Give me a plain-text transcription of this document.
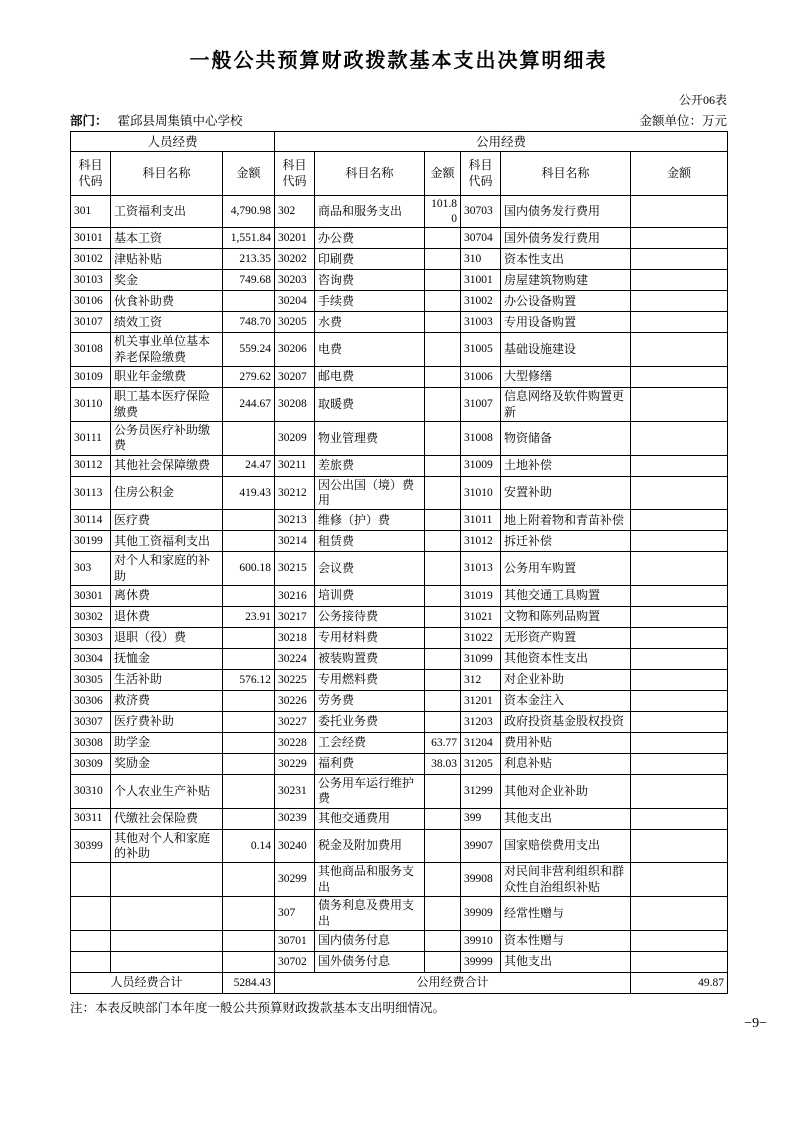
一般公共预算财政拨款基本支出决算明细表
公开06表
部门： 霍邱县周集镇中心学校	金额单位：万元
人员经费			公用经费					
科目代码	科目名称	金额	科目代码	科目名称	金额	科目代码	科目名称	金额
301	工资福利支出	4,790.98	302	商品和服务支出	101.80	30703	国内债务发行费用	
30101	基本工资	1,551.84	30201	办公费		30704	国外债务发行费用	
30102	津贴补贴	213.35	30202	印刷费		310	资本性支出	
30103	奖金	749.68	30203	咨询费		31001	房屋建筑物购建	
30106	伙食补助费		30204	手续费		31002	办公设备购置	
30107	绩效工资	748.70	30205	水费		31003	专用设备购置	
30108	机关事业单位基本养老保险缴费	559.24	30206	电费		31005	基础设施建设	
30109	职业年金缴费	279.62	30207	邮电费		31006	大型修缮	
30110	职工基本医疗保险缴费	244.67	30208	取暖费		31007	信息网络及软件购置更新	
30111	公务员医疗补助缴费		30209	物业管理费		31008	物资储备	
30112	其他社会保障缴费	24.47	30211	差旅费		31009	土地补偿	
30113	住房公积金	419.43	30212	因公出国（境）费用		31010	安置补助	
30114	医疗费		30213	维修（护）费		31011	地上附着物和青苗补偿	
30199	其他工资福利支出		30214	租赁费		31012	拆迁补偿	
303	对个人和家庭的补助	600.18	30215	会议费		31013	公务用车购置	
30301	离休费		30216	培训费		31019	其他交通工具购置	
30302	退休费	23.91	30217	公务接待费		31021	文物和陈列品购置	
30303	退职（役）费		30218	专用材料费		31022	无形资产购置	
30304	抚恤金		30224	被装购置费		31099	其他资本性支出	
30305	生活补助	576.12	30225	专用燃料费		312	对企业补助	
30306	救济费		30226	劳务费		31201	资本金注入	
30307	医疗费补助		30227	委托业务费		31203	政府投资基金股权投资	
30308	助学金		30228	工会经费	63.77	31204	费用补贴	
30309	奖励金		30229	福利费	38.03	31205	利息补贴	
30310	个人农业生产补贴		30231	公务用车运行维护费		31299	其他对企业补助	
30311	代缴社会保险费		30239	其他交通费用		399	其他支出	
30399	其他对个人和家庭的补助	0.14	30240	税金及附加费用		39907	国家赔偿费用支出	
			30299	其他商品和服务支出		39908	对民间非营利组织和群众性自治组织补贴	
			307	债务利息及费用支出		39909	经常性赠与	
			30701	国内债务付息		39910	资本性赠与	
			30702	国外债务付息		39999	其他支出	
人员经费合计		5284.43	公用经费合计					49.87
注：本表反映部门本年度一般公共预算财政拨款基本支出明细情况。
−9−
